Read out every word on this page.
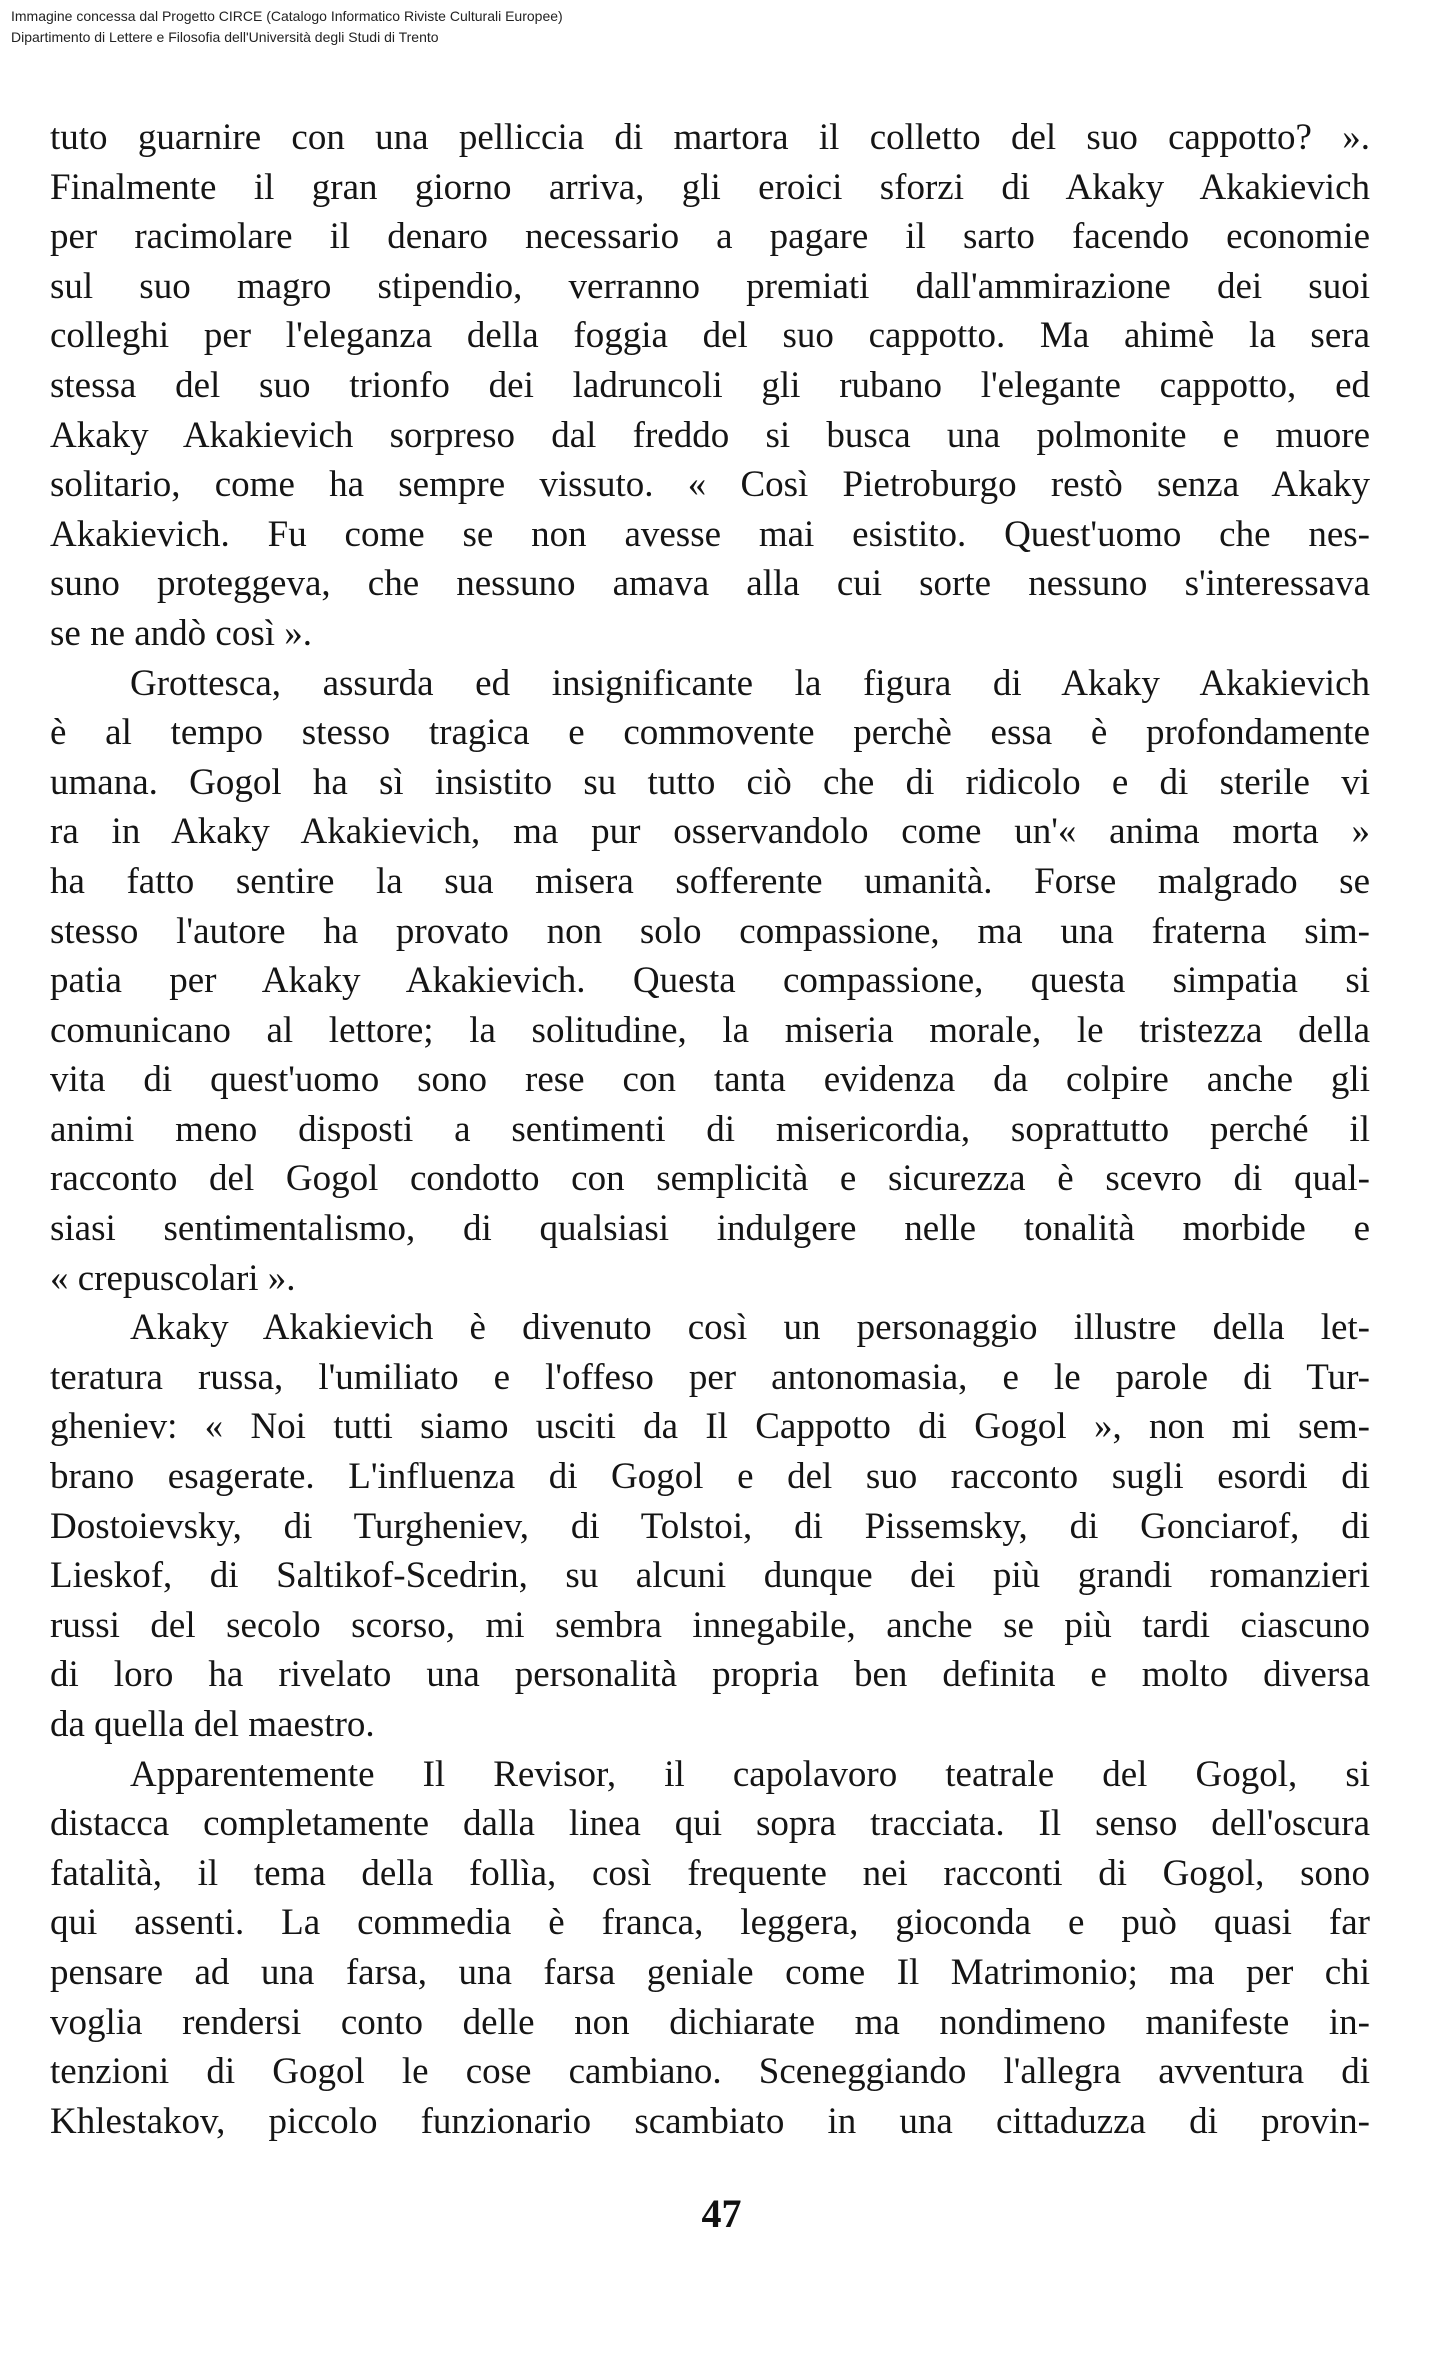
Immagine concessa dal Progetto CIRCE (Catalogo Informatico Riviste Culturali Europee)
Dipartimento di Lettere e Filosofia dell'Università degli Studi di Trento
tuto guarnire con una pelliccia di martora il colletto del suo cappotto? ».
Finalmente il gran giorno arriva, gli eroici sforzi di Akaky Akakievich
per racimolare il denaro necessario a pagare il sarto facendo economie
sul suo magro stipendio, verranno premiati dall'ammirazione dei suoi
colleghi per l'eleganza della foggia del suo cappotto. Ma ahimè la sera
stessa del suo trionfo dei ladruncoli gli rubano l'elegante cappotto, ed
Akaky Akakievich sorpreso dal freddo si busca una polmonite e muore
solitario, come ha sempre vissuto. « Così Pietroburgo restò senza Akaky
Akakievich. Fu come se non avesse mai esistito. Quest'uomo che nes-
suno proteggeva, che nessuno amava alla cui sorte nessuno s'interessava
se ne andò così ».
Grottesca, assurda ed insignificante la figura di Akaky Akakievich
è al tempo stesso tragica e commovente perchè essa è profondamente
umana. Gogol ha sì insistito su tutto ciò che di ridicolo e di sterile vi
ra in Akaky Akakievich, ma pur osservandolo come un'« anima morta »
ha fatto sentire la sua misera sofferente umanità. Forse malgrado se
stesso l'autore ha provato non solo compassione, ma una fraterna sim-
patia per Akaky Akakievich. Questa compassione, questa simpatia si
comunicano al lettore; la solitudine, la miseria morale, le tristezza della
vita di quest'uomo sono rese con tanta evidenza da colpire anche gli
animi meno disposti a sentimenti di misericordia, soprattutto perché il
racconto del Gogol condotto con semplicità e sicurezza è scevro di qual-
siasi sentimentalismo, di qualsiasi indulgere nelle tonalità morbide e
« crepuscolari ».
Akaky Akakievich è divenuto così un personaggio illustre della let-
teratura russa, l'umiliato e l'offeso per antonomasia, e le parole di Tur-
gheniev: « Noi tutti siamo usciti da Il Cappotto di Gogol », non mi sem-
brano esagerate. L'influenza di Gogol e del suo racconto sugli esordi di
Dostoievsky, di Turgheniev, di Tolstoi, di Pissemsky, di Gonciarof, di
Lieskof, di Saltikof-Scedrin, su alcuni dunque dei più grandi romanzieri
russi del secolo scorso, mi sembra innegabile, anche se più tardi ciascuno
di loro ha rivelato una personalità propria ben definita e molto diversa
da quella del maestro.
Apparentemente Il Revisor, il capolavoro teatrale del Gogol, si
distacca completamente dalla linea qui sopra tracciata. Il senso dell'oscura
fatalità, il tema della follìa, così frequente nei racconti di Gogol, sono
qui assenti. La commedia è franca, leggera, gioconda e può quasi far
pensare ad una farsa, una farsa geniale come Il Matrimonio; ma per chi
voglia rendersi conto delle non dichiarate ma nondimeno manifeste in-
tenzioni di Gogol le cose cambiano. Sceneggiando l'allegra avventura di
Khlestakov, piccolo funzionario scambiato in una cittaduzza di provin-
47
